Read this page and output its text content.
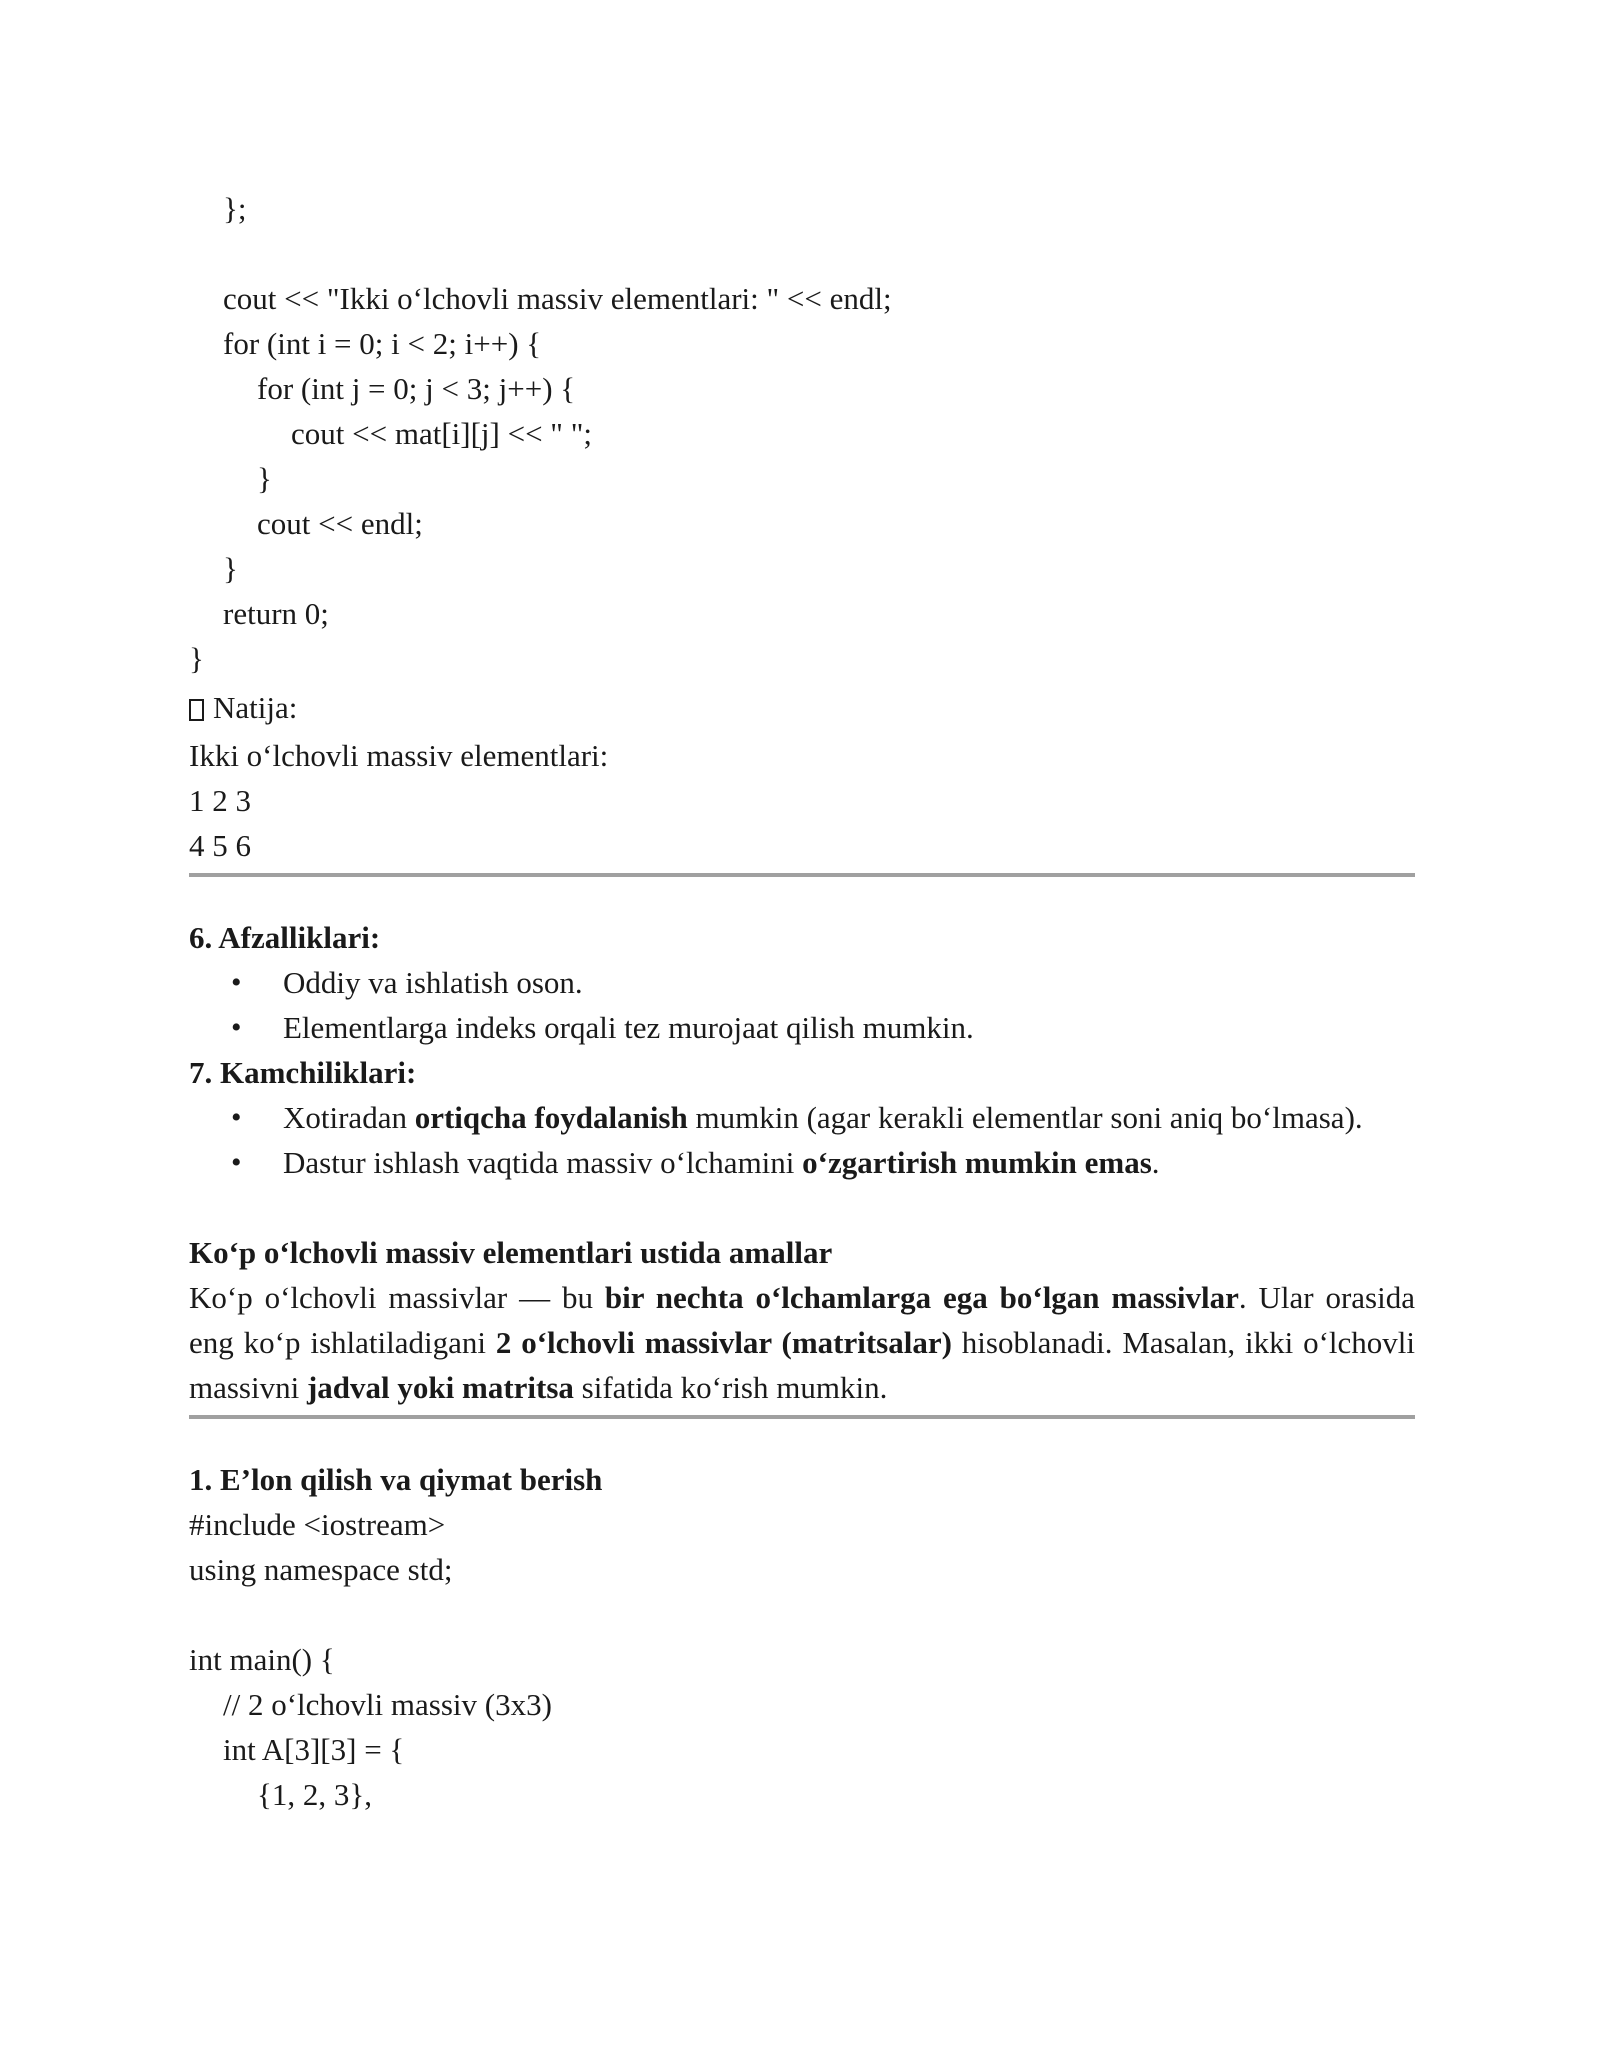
};
cout << "Ikki o‘lchovli massiv elementlari: " << endl;
for (int i = 0; i < 2; i++) {
for (int j = 0; j < 3; j++) {
cout << mat[i][j] << " ";
}
cout << endl;
}
return 0;
}
Natija:
Ikki o‘lchovli massiv elementlari:
1 2 3
4 5 6
6. Afzalliklari:
• Oddiy va ishlatish oson.
• Elementlarga indeks orqali tez murojaat qilish mumkin.
7. Kamchiliklari:
• Xotiradan ortiqcha foydalanish mumkin (agar kerakli elementlar soni aniq bo‘lmasa).
• Dastur ishlash vaqtida massiv o‘lchamini o‘zgartirish mumkin emas.
Ko‘p o‘lchovli massiv elementlari ustida amallar
Ko‘p o‘lchovli massivlar — bu bir nechta o‘lchamlarga ega bo‘lgan massivlar. Ular orasida eng ko‘p ishlatiladigani 2 o‘lchovli massivlar (matritsalar) hisoblanadi. Masalan, ikki o‘lchovli massivni jadval yoki matritsa sifatida ko‘rish mumkin.
1. E’lon qilish va qiymat berish
#include <iostream>
using namespace std;
int main() {
// 2 o‘lchovli massiv (3x3)
int A[3][3] = {
{1, 2, 3},
